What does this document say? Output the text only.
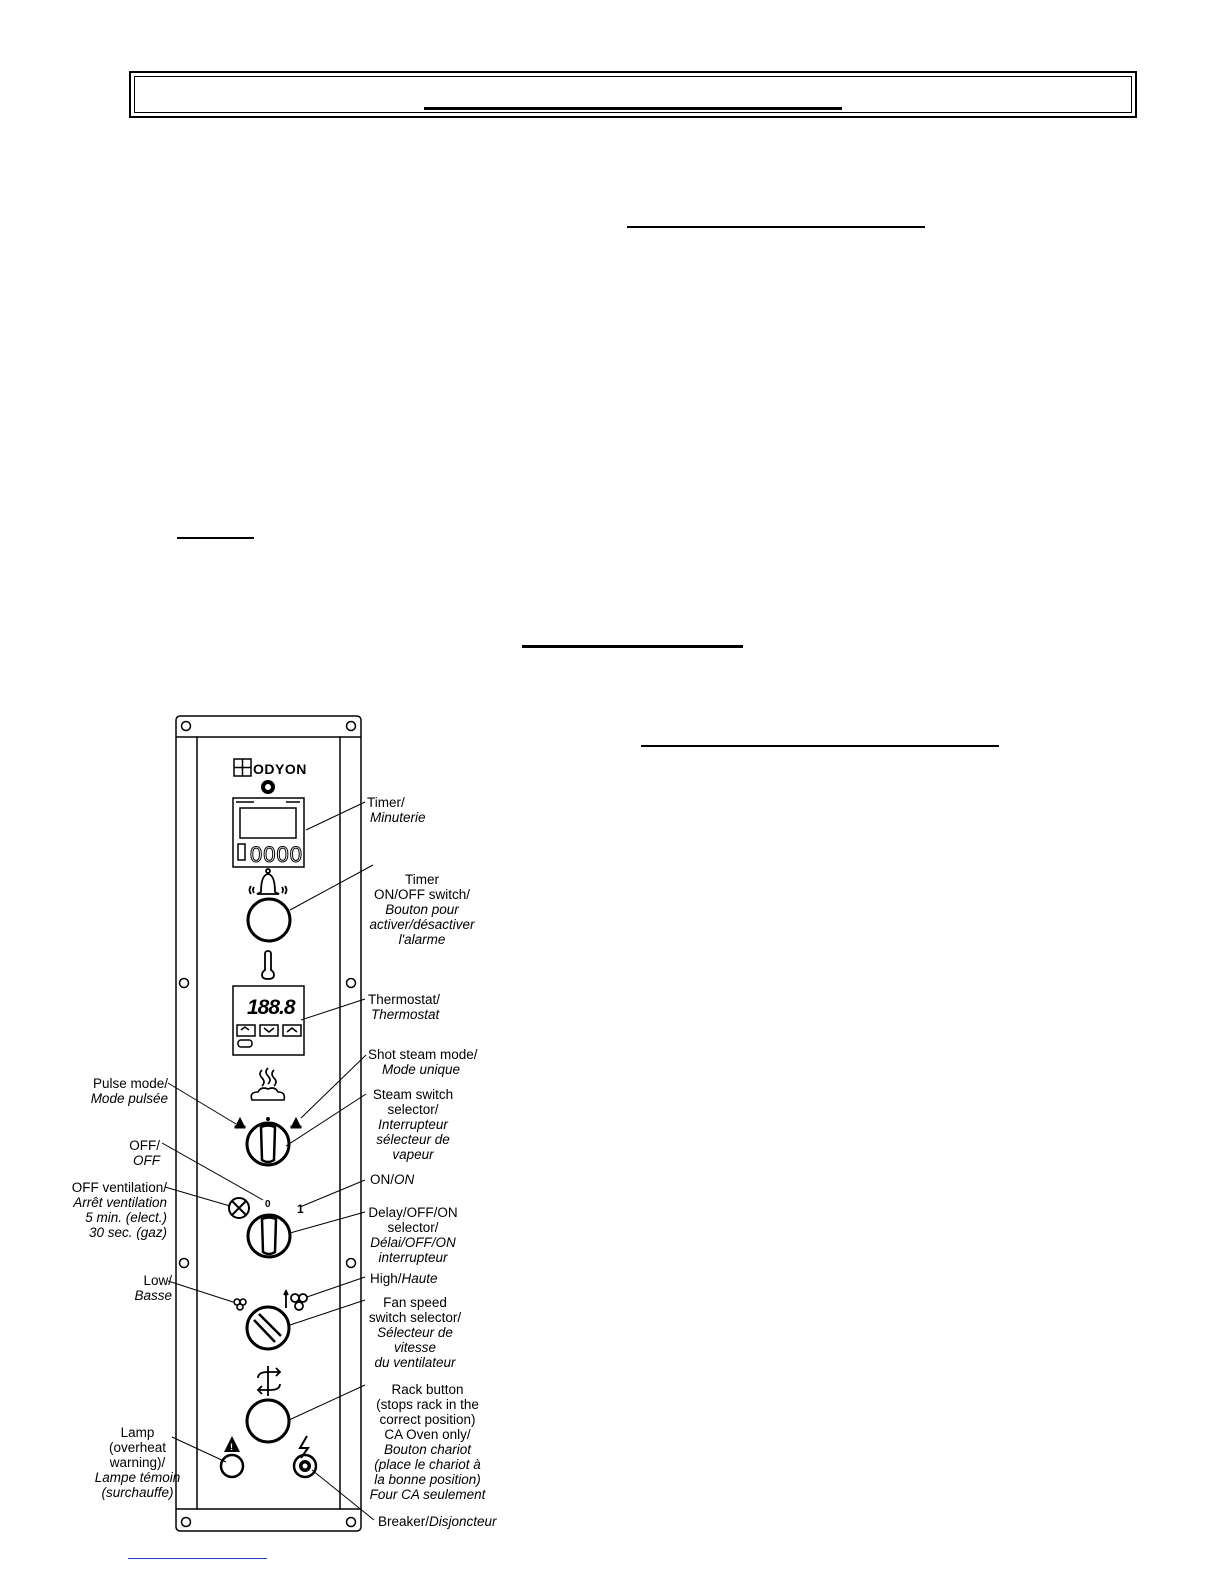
ODYON
0000
188.8
0 1
!
Timer/
Minuterie
Timer
ON/OFF switch/
Bouton pour
activer/désactiver
l'alarme
Thermostat/
Thermostat
Shot steam mode/
Mode unique
Steam switch
selector/
Interrupteur
sélecteur de
vapeur
ON/ON
Delay/OFF/ON
selector/
Délai/OFF/ON
interrupteur
High/Haute
Fan speed
switch selector/
Sélecteur de
vitesse
du ventilateur
Rack button
(stops rack in the
correct position)
CA Oven only/
Bouton chariot
(place le chariot à
la bonne position)
Four CA seulement
Breaker/Disjoncteur
Pulse mode/
Mode pulsée
OFF/
OFF
OFF ventilation/
Arrêt ventilation
5 min. (elect.)
30 sec. (gaz)
Low/
Basse
Lamp
(overheat
warning)/
Lampe témoin
(surchauffe)
